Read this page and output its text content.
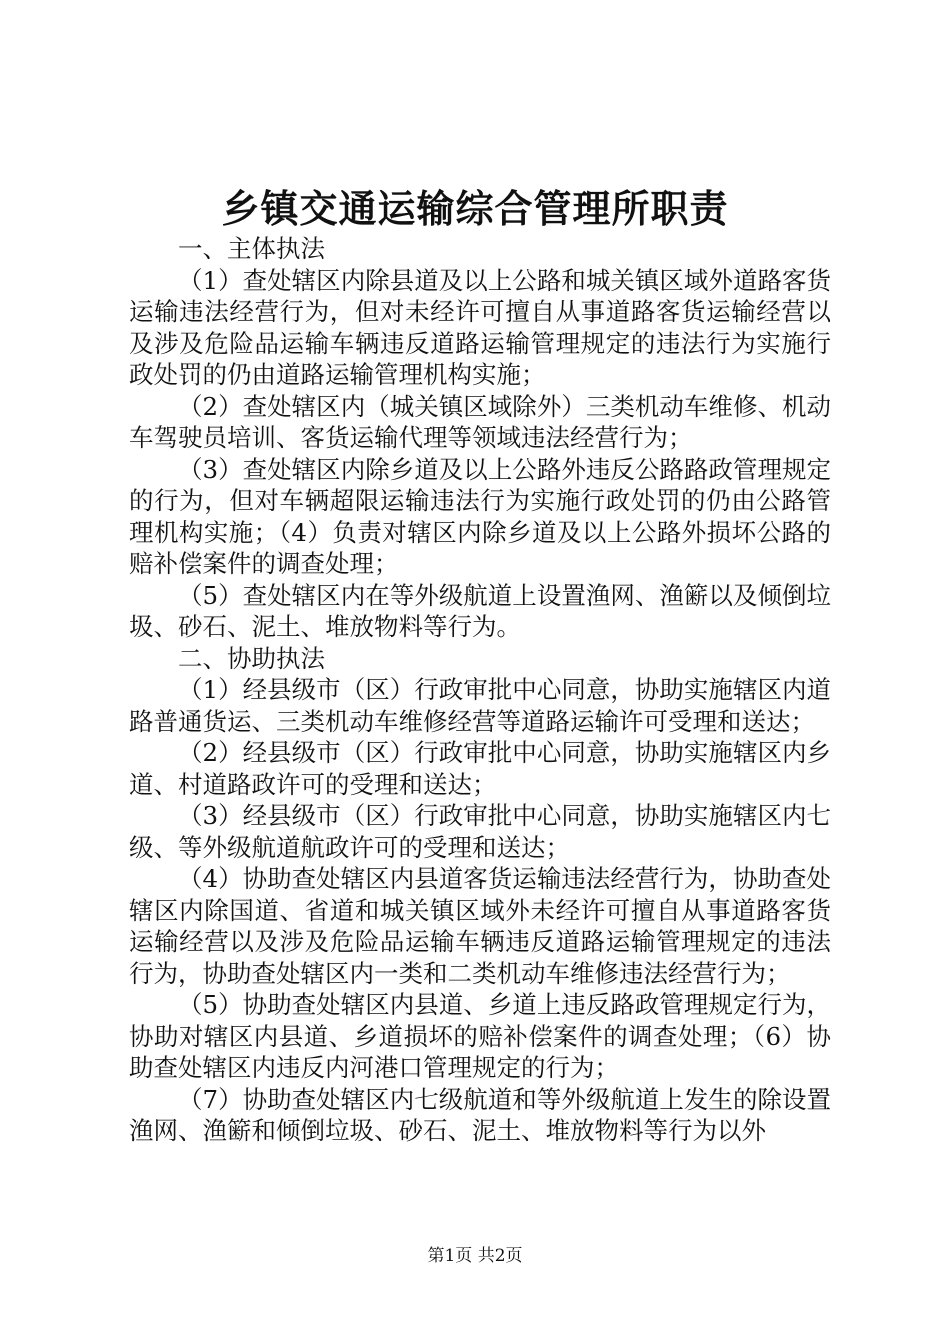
乡镇交通运输综合管理所职责

一、主体执法

（1）查处辖区内除县道及以上公路和城关镇区域外道路客货运输违法经营行为，但对未经许可擅自从事道路客货运输经营以及涉及危险品运输车辆违反道路运输管理规定的违法行为实施行政处罚的仍由道路运输管理机构实施；

（2）查处辖区内（城关镇区域除外）三类机动车维修、机动车驾驶员培训、客货运输代理等领域违法经营行为；

（3）查处辖区内除乡道及以上公路外违反公路路政管理规定的行为，但对车辆超限运输违法行为实施行政处罚的仍由公路管理机构实施；（4）负责对辖区内除乡道及以上公路外损坏公路的赔补偿案件的调查处理；

（5）查处辖区内在等外级航道上设置渔网、渔簖以及倾倒垃圾、砂石、泥土、堆放物料等行为。

二、协助执法

（1）经县级市（区）行政审批中心同意，协助实施辖区内道路普通货运、三类机动车维修经营等道路运输许可受理和送达；

（2）经县级市（区）行政审批中心同意，协助实施辖区内乡道、村道路政许可的受理和送达；

（3）经县级市（区）行政审批中心同意，协助实施辖区内七级、等外级航道航政许可的受理和送达；

（4）协助查处辖区内县道客货运输违法经营行为，协助查处辖区内除国道、省道和城关镇区域外未经许可擅自从事道路客货运输经营以及涉及危险品运输车辆违反道路运输管理规定的违法行为，协助查处辖区内一类和二类机动车维修违法经营行为；

（5）协助查处辖区内县道、乡道上违反路政管理规定行为，协助对辖区内县道、乡道损坏的赔补偿案件的调查处理；（6）协助查处辖区内违反内河港口管理规定的行为；

（7）协助查处辖区内七级航道和等外级航道上发生的除设置渔网、渔簖和倾倒垃圾、砂石、泥土、堆放物料等行为以外

第1页 共2页
